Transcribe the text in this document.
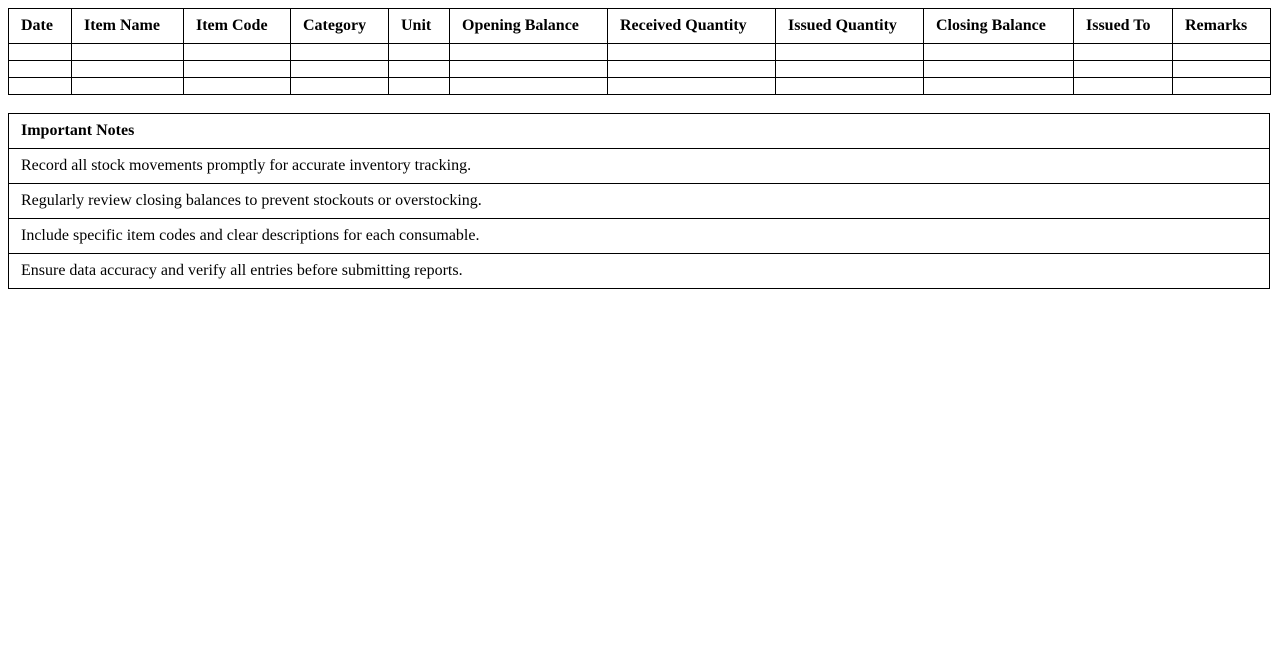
Date	Item Name	Item Code	Category	Unit	Opening Balance	Received Quantity	Issued Quantity	Closing Balance	Issued To	Remarks

Important Notes
Record all stock movements promptly for accurate inventory tracking.
Regularly review closing balances to prevent stockouts or overstocking.
Include specific item codes and clear descriptions for each consumable.
Ensure data accuracy and verify all entries before submitting reports.
